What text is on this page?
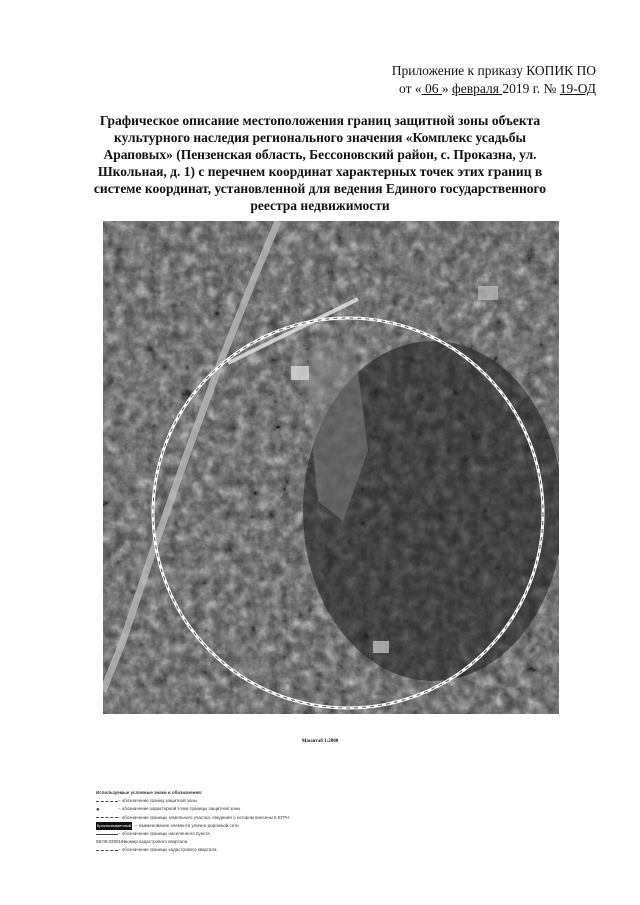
Приложение к приказу КОПИК ПО
от « 06 » февраля 2019 г. № 19-ОД
Графическое описание местоположения границ защитной зоны объекта культурного наследия регионального значения «Комплекс усадьбы Араповых» (Пензенская область, Бессоновский район, с. Проказна, ул. Школьная, д. 1) с перечнем координат характерных точек этих границ в системе координат, установленной для ведения Единого государственного реестра недвижимости
Масштаб 1:2000
Используемые условные знаки и обозначения:
– обозначение границ защитной зоны
●	– обозначение характерной точки границы защитной зоны
– обозначение границы земельного участка, сведения о котором внесены в ЕГРН
Краснознаменный – наименование элемента улично-дорожной сети
– обозначение границы населенного пункта
58:05:0290101
– номер кадастрового квартала
– обозначение границы кадастрового квартала
